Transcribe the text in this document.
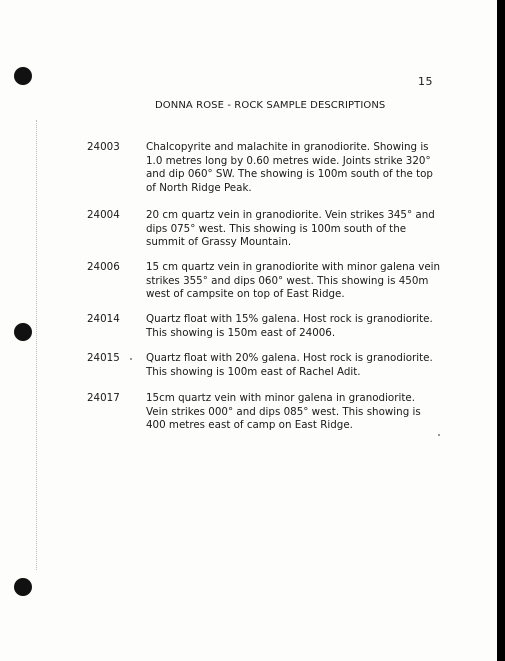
15
DONNA ROSE - ROCK SAMPLE DESCRIPTIONS
24003	Chalcopyrite and malachite in granodiorite. Showing is
1.0 metres long by 0.60 metres wide. Joints strike 320°
and dip 060° SW. The showing is 100m south of the top
of North Ridge Peak.
24004	20 cm quartz vein in granodiorite. Vein strikes 345° and
dips 075° west. This showing is 100m south of the
summit of Grassy Mountain.
24006	15 cm quartz vein in granodiorite with minor galena vein
strikes 355° and dips 060° west. This showing is 450m
west of campsite on top of East Ridge.
24014	Quartz float with 15% galena. Host rock is granodiorite.
This showing is 150m east of 24006.
24015	Quartz float with 20% galena. Host rock is granodiorite.
This showing is 100m east of Rachel Adit.
24017	15cm quartz vein with minor galena in granodiorite.
Vein strikes 000° and dips 085° west. This showing is
400 metres east of camp on East Ridge.
